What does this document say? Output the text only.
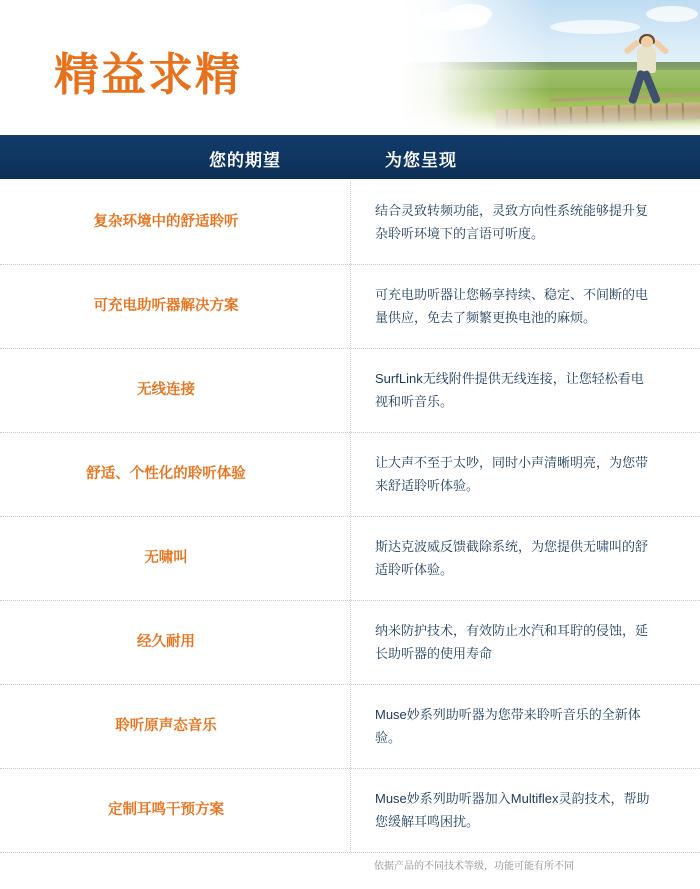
精益求精
您的期望	为您呈现
复杂环境中的舒适聆听
结合灵致转频功能，灵致方向性系统能够提升复杂聆听环境下的言语可听度。
可充电助听器解决方案
可充电助听器让您畅享持续、稳定、不间断的电量供应，免去了频繁更换电池的麻烦。
无线连接
SurfLink无线附件提供无线连接，让您轻松看电视和听音乐。
舒适、个性化的聆听体验
让大声不至于太吵，同时小声清晰明亮，为您带来舒适聆听体验。
无啸叫
斯达克波威反馈截除系统，为您提供无啸叫的舒适聆听体验。
经久耐用
纳米防护技术，有效防止水汽和耳聍的侵蚀，延长助听器的使用寿命
聆听原声态音乐
Muse妙系列助听器为您带来聆听音乐的全新体验。
定制耳鸣干预方案
Muse妙系列助听器加入Multiflex灵韵技术，帮助您缓解耳鸣困扰。
依据产品的不同技术等级，功能可能有所不同
